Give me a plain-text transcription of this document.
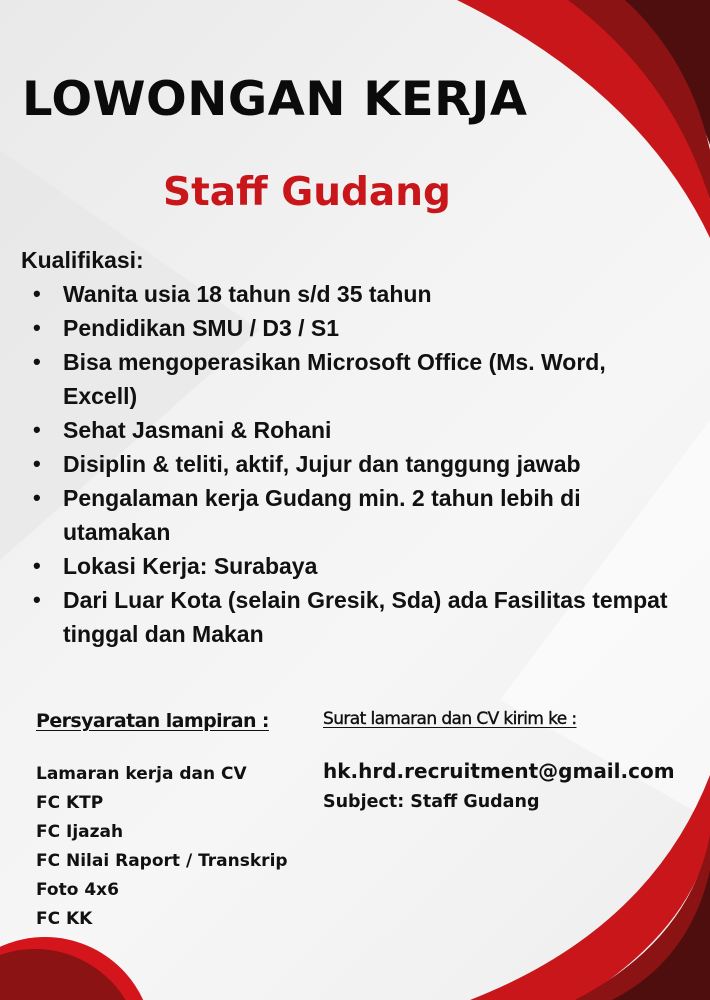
LOWONGAN KERJA
Staff Gudang
Kualifikasi:
• Wanita usia 18 tahun s/d 35 tahun
• Pendidikan SMU / D3 / S1
• Bisa mengoperasikan Microsoft Office (Ms. Word, Excell)
• Sehat Jasmani & Rohani
• Disiplin & teliti, aktif, Jujur dan tanggung jawab
• Pengalaman kerja Gudang min. 2 tahun lebih di utamakan
• Lokasi Kerja: Surabaya
• Dari Luar Kota (selain Gresik, Sda) ada Fasilitas tempat tinggal dan Makan
Persyaratan lampiran :
Lamaran kerja dan CV
FC KTP
FC Ijazah
FC Nilai Raport / Transkrip
Foto 4x6
FC KK
Surat lamaran dan CV kirim ke :
hk.hrd.recruitment@gmail.com
Subject: Staff Gudang
